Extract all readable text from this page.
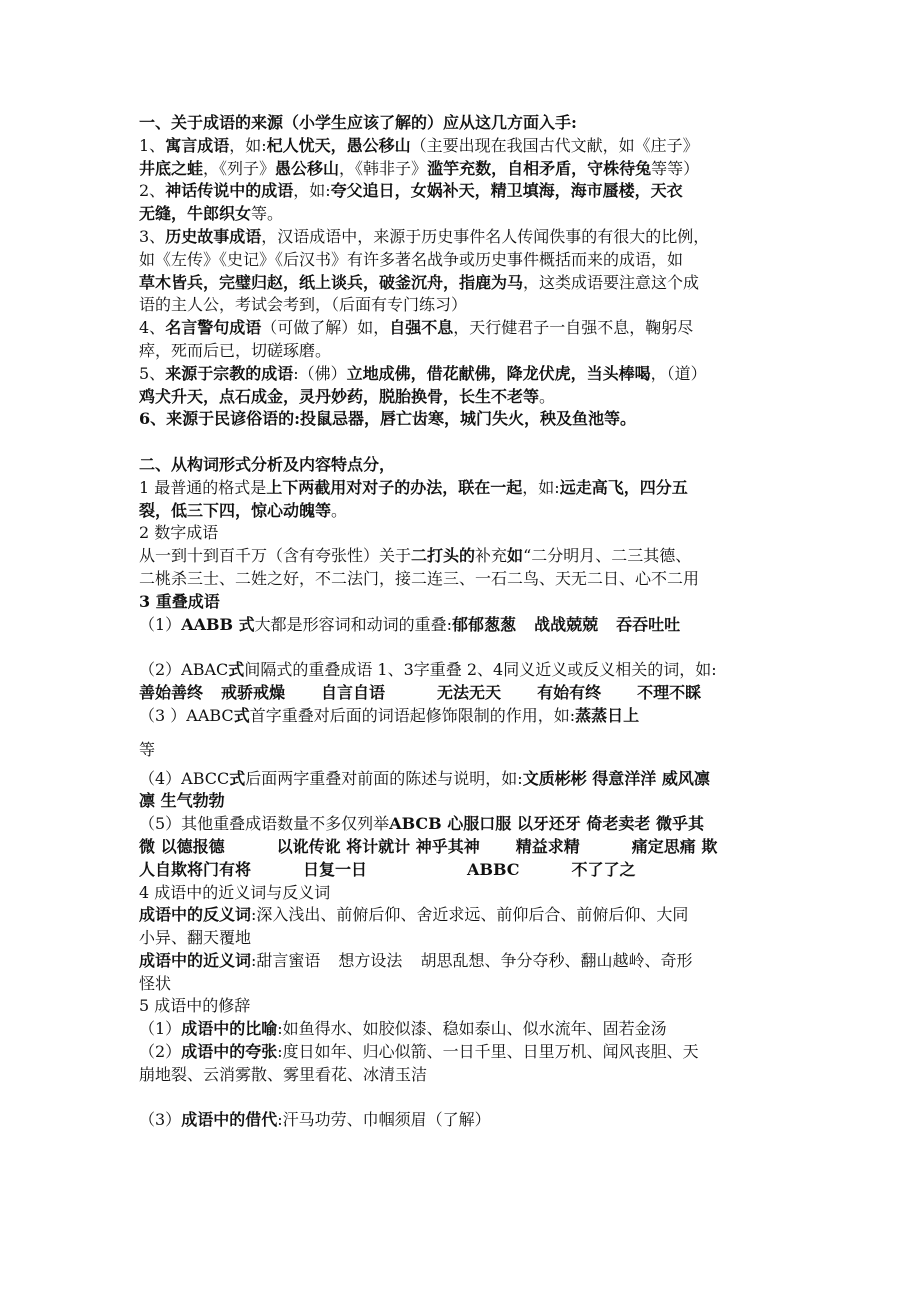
一、关于成语的来源（小学生应该了解的）应从这几方面入手:
1、寓言成语，如:杞人忧天，愚公移山（主要出现在我国古代文献，如《庄子》
井底之蛙，《列子》愚公移山，《韩非子》滥竽充数，自相矛盾，守株待兔等等）
2、神话传说中的成语，如:夸父追日，女娲补天，精卫填海，海市蜃楼，天衣
无缝，牛郎织女等。
3、历史故事成语，汉语成语中，来源于历史事件名人传闻佚事的有很大的比例，
如《左传》《史记》《后汉书》有许多著名战争或历史事件概括而来的成语，如
草木皆兵，完璧归赵，纸上谈兵，破釜沉舟，指鹿为马，这类成语要注意这个成
语的主人公，考试会考到，（后面有专门练习）
4、名言警句成语（可做了解）如，自强不息，天行健君子一自强不息，鞠躬尽
瘁，死而后已，切磋琢磨。
5、来源于宗教的成语:（佛）立地成佛，借花献佛，降龙伏虎，当头棒喝，（道）
鸡犬升天，点石成金，灵丹妙药，脱胎换骨，长生不老等。
6、来源于民谚俗语的:投鼠忌器，唇亡齿寒，城门失火，秧及鱼池等。
二、从构词形式分析及内容特点分，
1 最普通的格式是上下两截用对对子的办法，联在一起，如:远走高飞，四分五
裂，低三下四，惊心动魄等。
2 数字成语
从一到十到百千万（含有夸张性）关于二打头的补充如“二分明月、二三其德、
二桃杀三士、二姓之好，不二法门，接二连三、一石二鸟、天无二日、心不二用
3 重叠成语
（1）AABB 式大都是形容词和动词的重叠:郁郁葱葱 战战兢兢 吞吞吐吐
（2）ABAC式间隔式的重叠成语 1、3字重叠 2、4同义近义或反义相关的词，如:
善始善终 戒骄戒燥 自言自语	无法无天 有始有终 不理不睬
（3 ）AABC式首字重叠对后面的词语起修饰限制的作用，如:蒸蒸日上
等
（4）ABCC式后面两字重叠对前面的陈述与说明，如:文质彬彬 得意洋洋 威风凛
凛 生气勃勃
（5）其他重叠成语数量不多仅列举ABCB 心服口服 以牙还牙 倚老卖老 微乎其
微 以德报德	以讹传讹 将计就计 神乎其神 精益求精	痛定思痛 欺
人自欺将门有将	日复一日	ABBC	不了了之
4 成语中的近义词与反义词
成语中的反义词:深入浅出、前俯后仰、舍近求远、前仰后合、前俯后仰、大同
小异、翻天覆地
成语中的近义词:甜言蜜语 想方设法 胡思乱想、争分夺秒、翻山越岭、奇形
怪状
5 成语中的修辞
（1）成语中的比喻:如鱼得水、如胶似漆、稳如泰山、似水流年、固若金汤
（2）成语中的夸张:度日如年、归心似箭、一日千里、日里万机、闻风丧胆、天
崩地裂、云消雾散、雾里看花、冰清玉洁
（3）成语中的借代:汗马功劳、巾帼须眉（了解）
